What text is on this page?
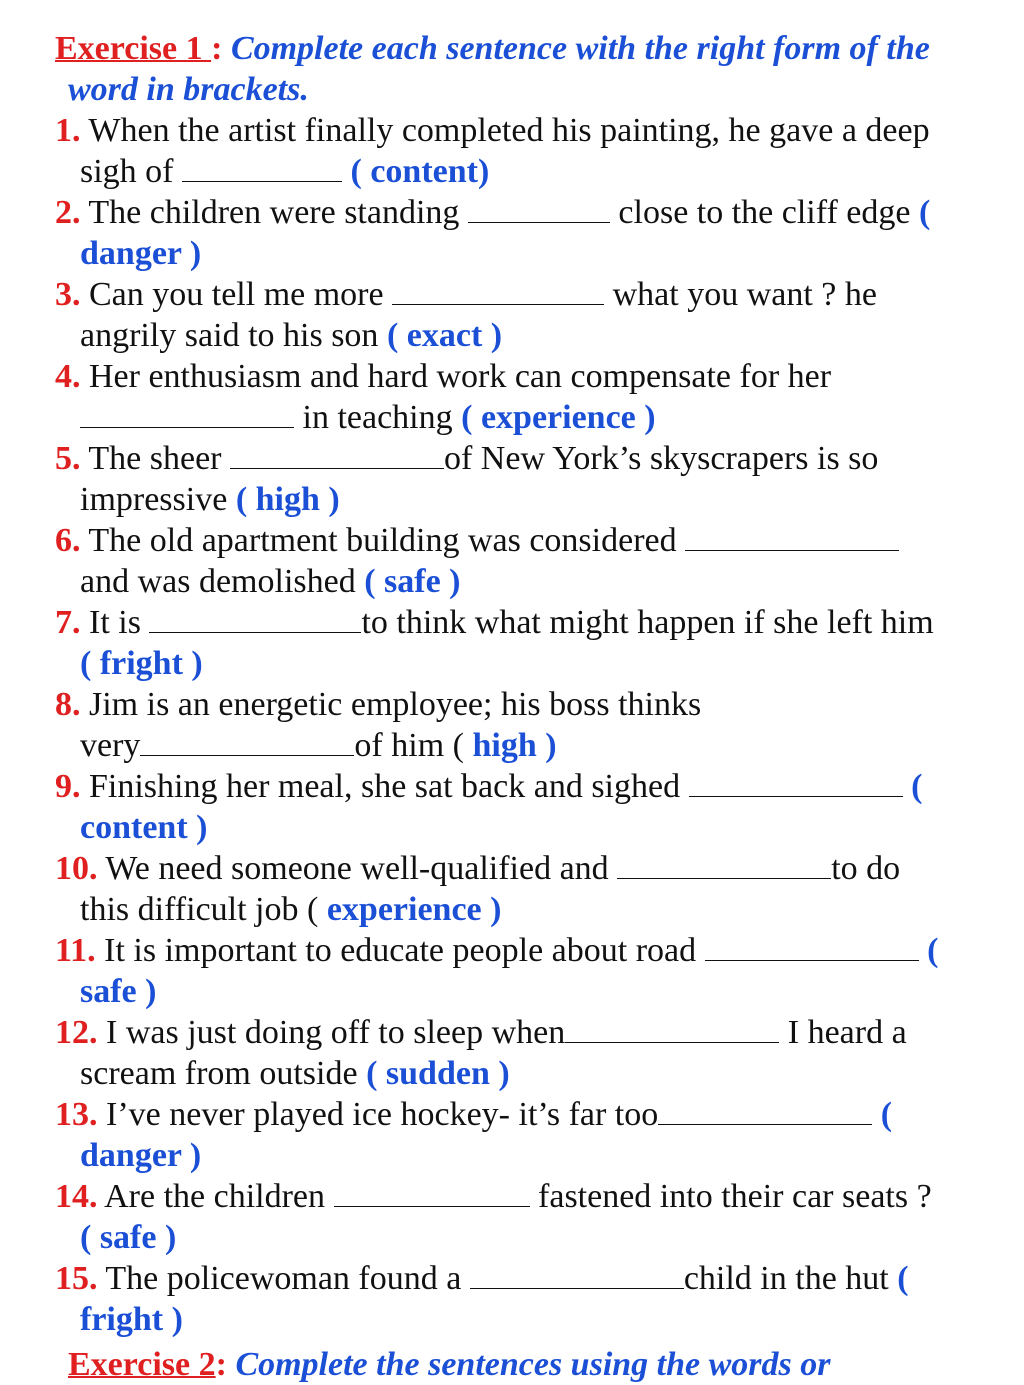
Exercise 1 : Complete each sentence with the right form of the
word in brackets.
1. When the artist finally completed his painting, he gave a deep
sigh of	( content)
2. The children were standing	close to the cliff edge (
danger )
3. Can you tell me more	what you want ? he
angrily said to his son ( exact )
4. Her enthusiasm and hard work can compensate for her
in teaching ( experience )
5. The sheer	of New York’s skyscrapers is so
impressive ( high )
6. The old apartment building was considered
and was demolished ( safe )
7. It is	to think what might happen if she left him
( fright )
8. Jim is an energetic employee; his boss thinks
very	of him ( high )
9. Finishing her meal, she sat back and sighed	(
content )
10. We need someone well-qualified and	to do
this difficult job ( experience )
11. It is important to educate people about road	(
safe )
12. I was just doing off to sleep when	I heard a
scream from outside ( sudden )
13. I’ve never played ice hockey- it’s far too	(
danger )
14. Are the children	fastened into their car seats ?
( safe )
15. The policewoman found a	child in the hut (
fright )
Exercise 2: Complete the sentences using the words or
